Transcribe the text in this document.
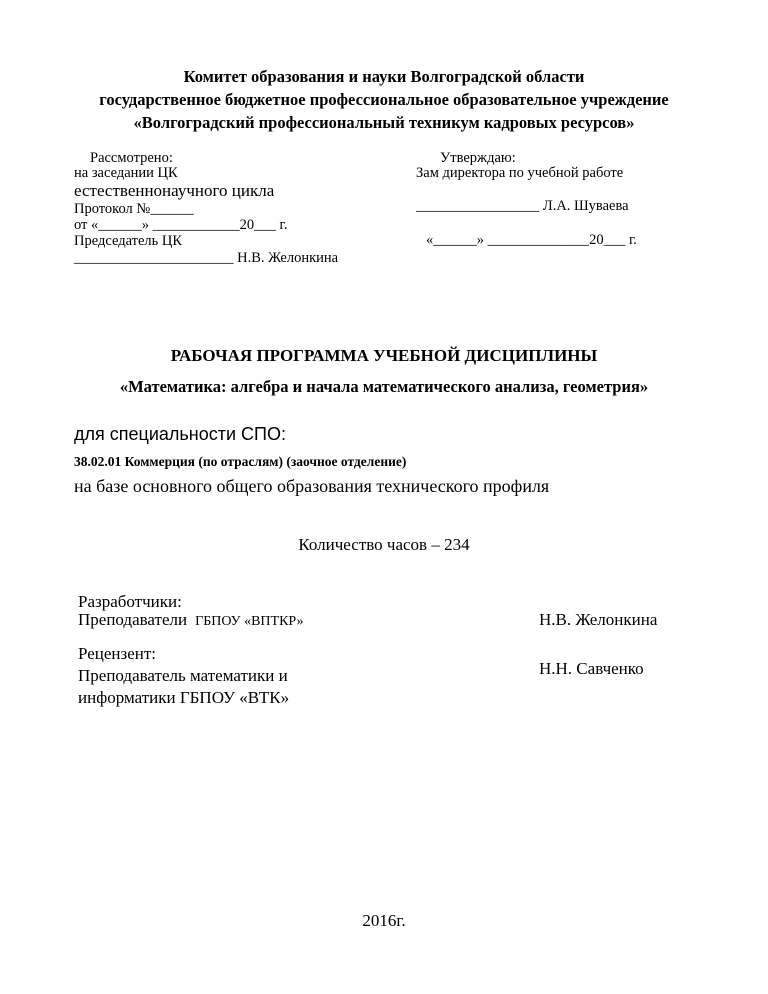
Комитет образования и науки Волгоградской области
государственное бюджетное профессиональное образовательное учреждение
«Волгоградский профессиональный техникум кадровых ресурсов»
Рассмотрено:
на заседании ЦК
естественнонаучного цикла
Протокол №______
от «______» ____________20___ г.
Председатель ЦК
______________________ Н.В. Желонкина
Утверждаю:
Зам директора по учебной работе
_________________ Л.А. Шуваева
«______» ______________20___ г.
РАБОЧАЯ ПРОГРАММА УЧЕБНОЙ ДИСЦИПЛИНЫ
«Математика: алгебра и начала математического анализа, геометрия»
для специальности СПО:
38.02.01 Коммерция (по отраслям) (заочное отделение)
на базе основного общего образования технического профиля
Количество часов – 234
Разработчики:
Преподаватели ГБПОУ «ВПТКР»	Н.В. Желонкина
Рецензент:
Преподаватель математики и
информатики ГБПОУ «ВТК»
Н.Н. Савченко
2016г.
